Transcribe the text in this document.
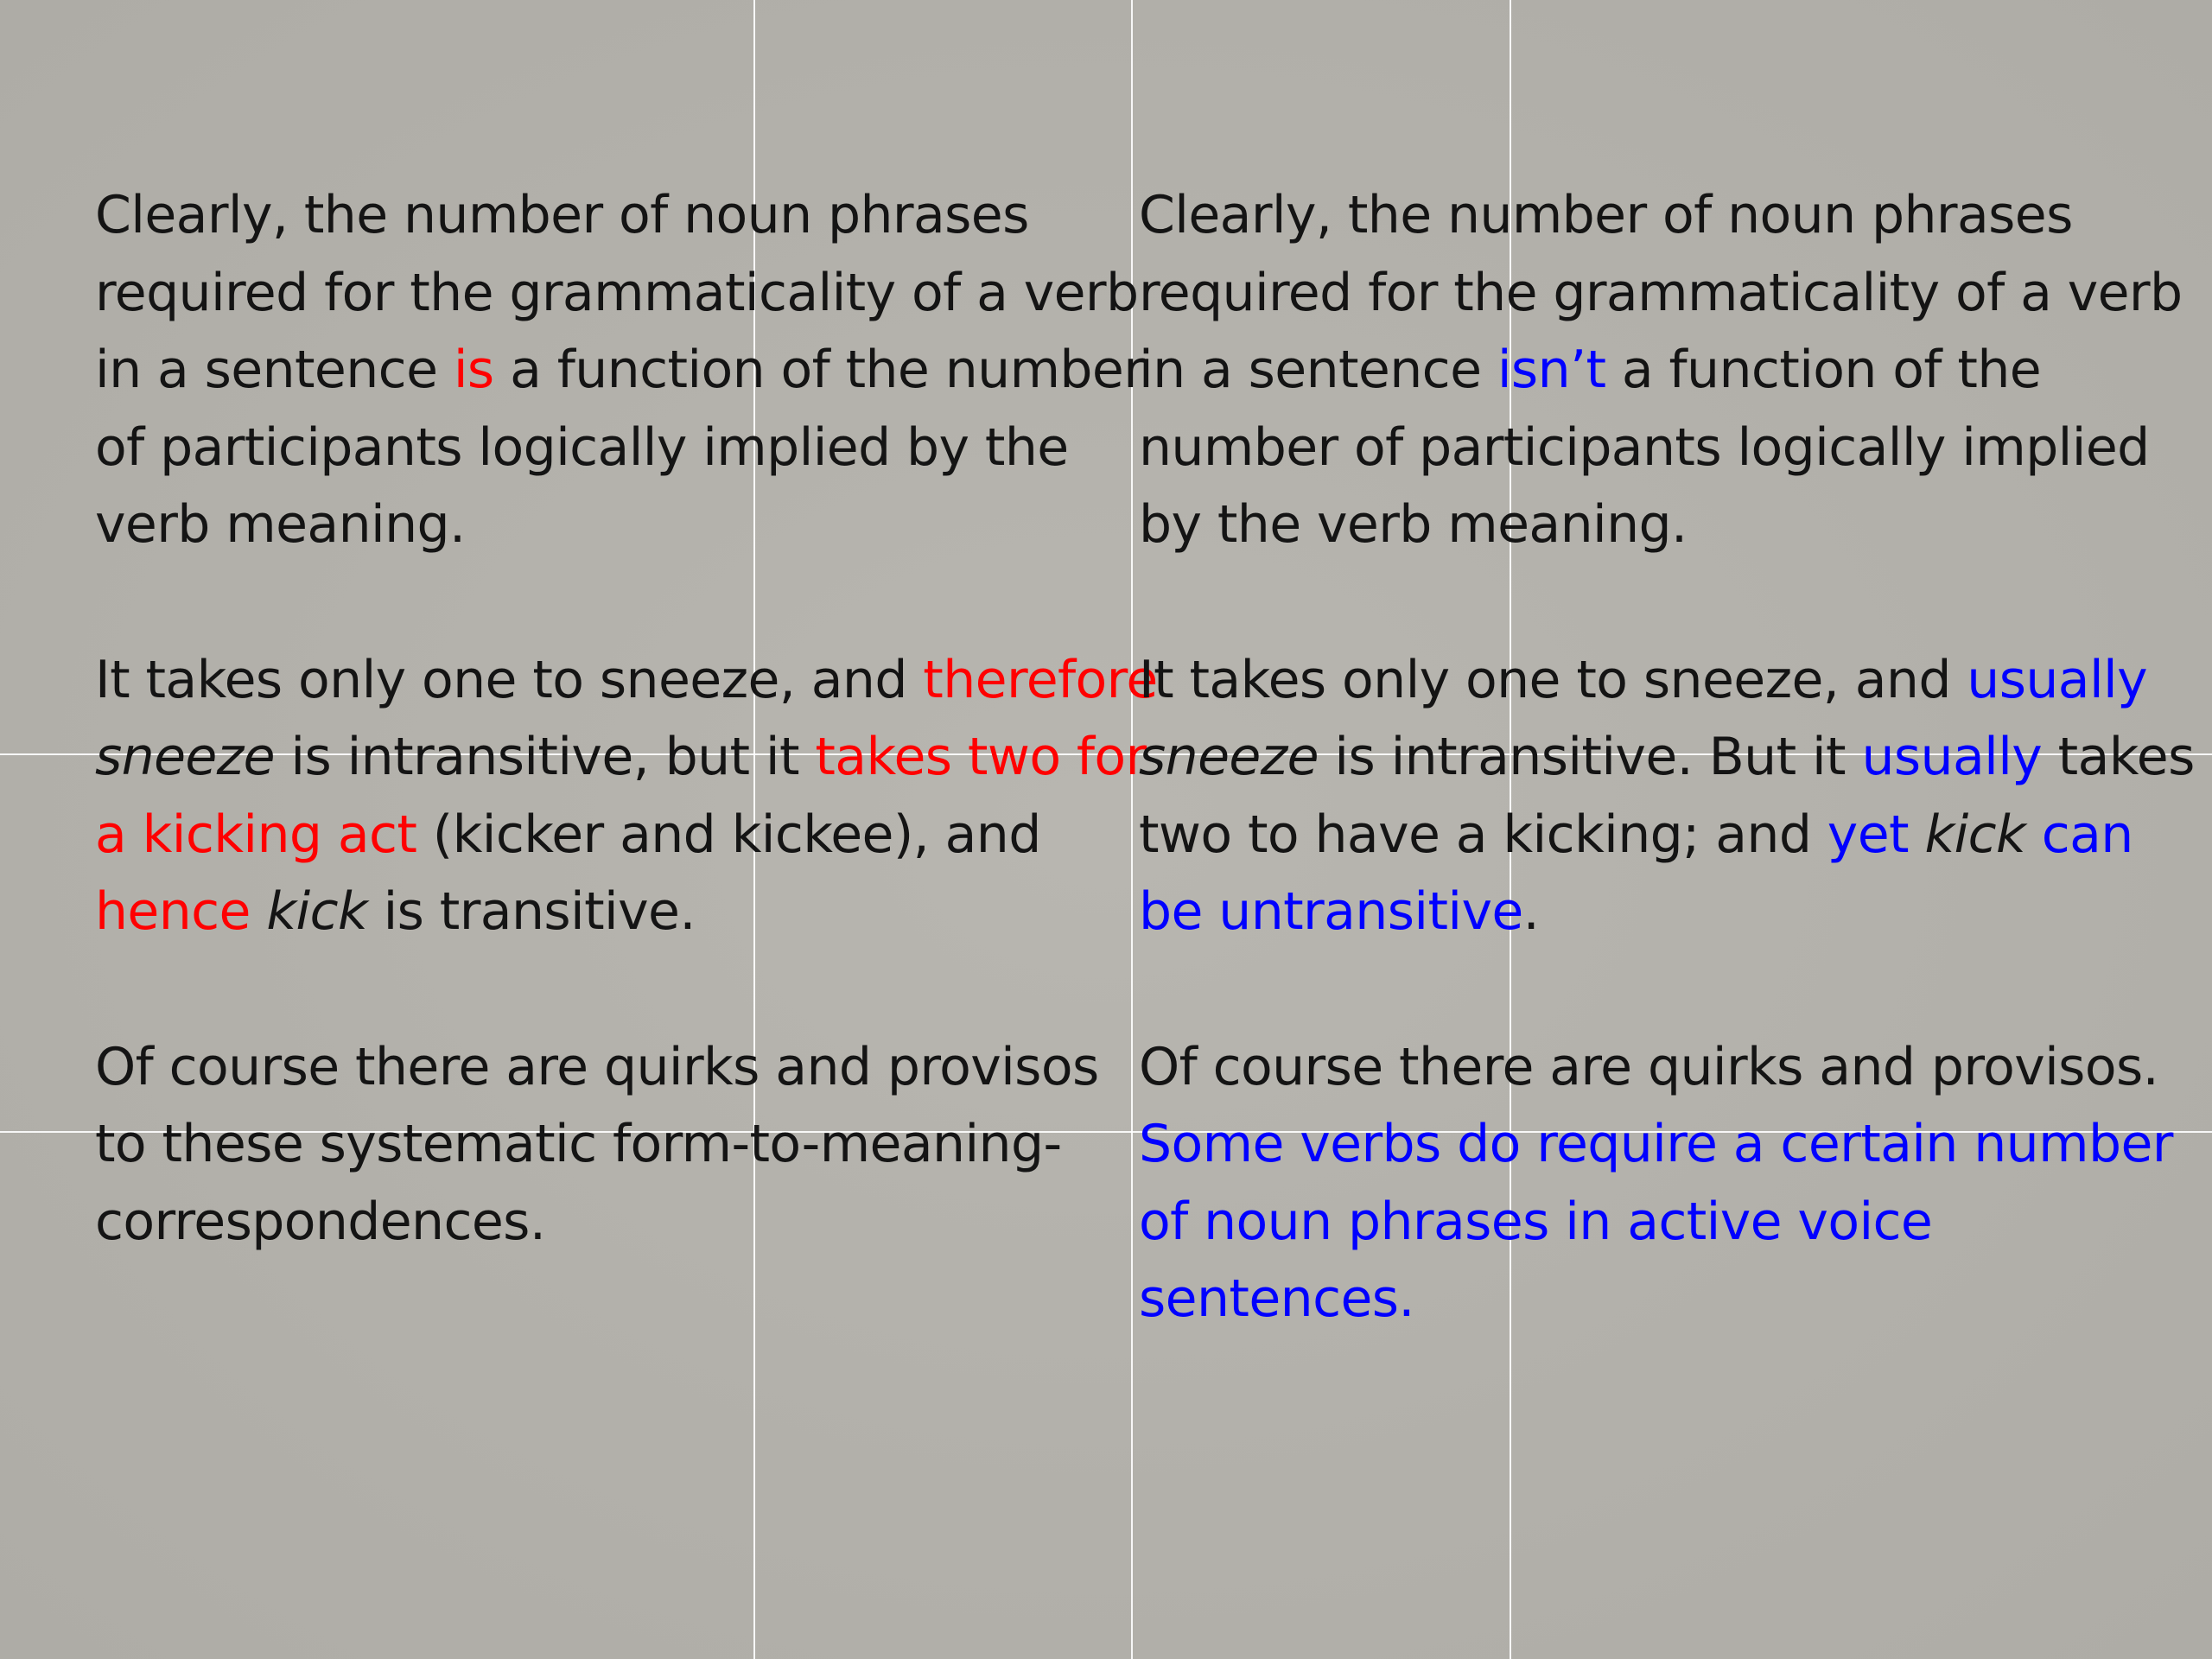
Clearly, the number of noun phrases required for the grammaticality of a verb in a sentence is a function of the number of participants logically implied by the verb meaning.

It takes only one to sneeze, and therefore sneeze is intransitive, but it takes two for a kicking act (kicker and kickee), and hence kick is transitive.

Of course there are quirks and provisos to these systematic form-to-meaning-correspondences.

Clearly, the number of noun phrases required for the grammaticality of a verb in a sentence isn’t a function of the number of participants logically implied by the verb meaning.

It takes only one to sneeze, and usually sneeze is intransitive. But it usually takes two to have a kicking; and yet kick can be untransitive.

Of course there are quirks and provisos. Some verbs do require a certain number of noun phrases in active voice sentences.
